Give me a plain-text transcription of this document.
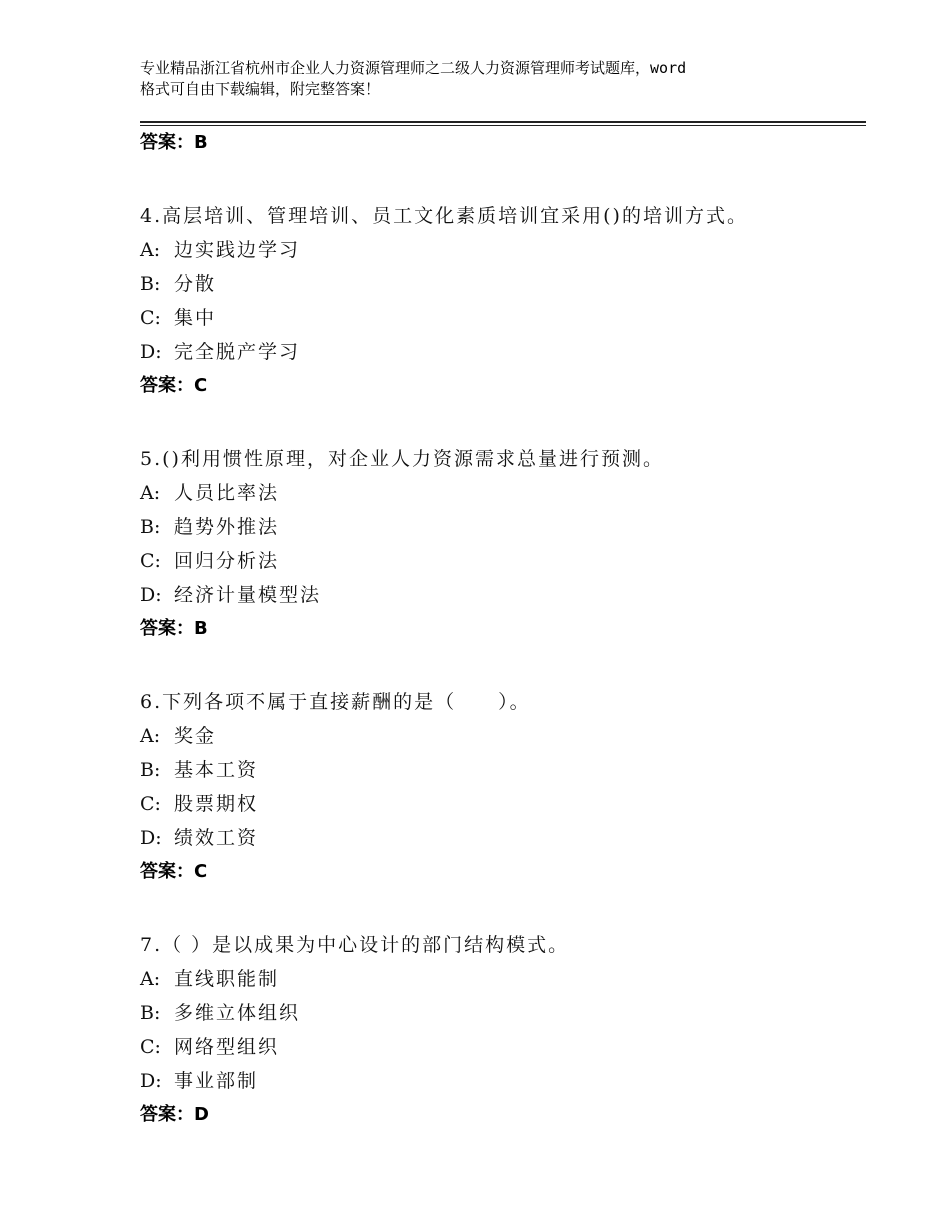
专业精品浙江省杭州市企业人力资源管理师之二级人力资源管理师考试题库，word
格式可自由下载编辑，附完整答案！
答案：B
4.高层培训、管理培训、员工文化素质培训宜采用()的培训方式。
A: 边实践边学习
B: 分散
C: 集中
D: 完全脱产学习
答案：C
5.()利用惯性原理，对企业人力资源需求总量进行预测。
A: 人员比率法
B: 趋势外推法
C: 回归分析法
D: 经济计量模型法
答案：B
6.下列各项不属于直接薪酬的是（　　）。
A: 奖金
B: 基本工资
C: 股票期权
D: 绩效工资
答案：C
7.（ ）是以成果为中心设计的部门结构模式。
A: 直线职能制
B: 多维立体组织
C: 网络型组织
D: 事业部制
答案：D
